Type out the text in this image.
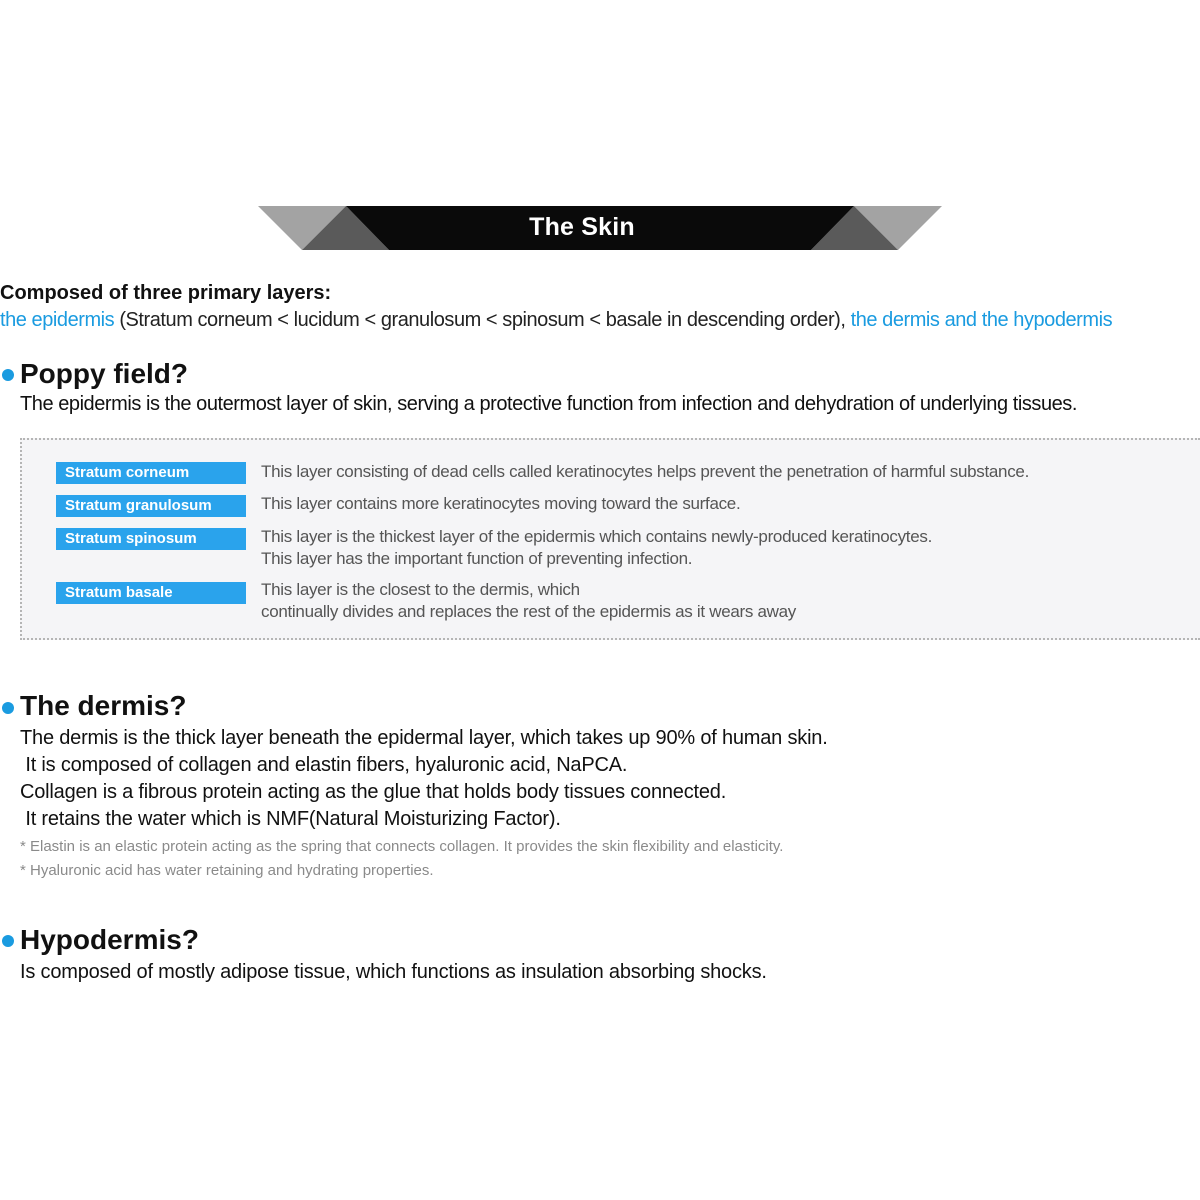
The Skin
Composed of three primary layers:
the epidermis (Stratum corneum < lucidum < granulosum < spinosum < basale in descending order), the dermis and the hypodermis
Poppy field?
The epidermis is the outermost layer of skin, serving a protective function from infection and dehydration of underlying tissues.
Stratum corneum	This layer consisting of dead cells called keratinocytes helps prevent the penetration of harmful substance.
Stratum granulosum	This layer contains more keratinocytes moving toward the surface.
Stratum spinosum	This layer is the thickest layer of the epidermis which contains newly-produced keratinocytes.
This layer has the important function of preventing infection.
Stratum basale	This layer is the closest to the dermis, which
continually divides and replaces the rest of the epidermis as it wears away
The dermis?
The dermis is the thick layer beneath the epidermal layer, which takes up 90% of human skin.
It is composed of collagen and elastin fibers, hyaluronic acid, NaPCA.
Collagen is a fibrous protein acting as the glue that holds body tissues connected.
It retains the water which is NMF(Natural Moisturizing Factor).
* Elastin is an elastic protein acting as the spring that connects collagen. It provides the skin flexibility and elasticity.
* Hyaluronic acid has water retaining and hydrating properties.
Hypodermis?
Is composed of mostly adipose tissue, which functions as insulation absorbing shocks.
